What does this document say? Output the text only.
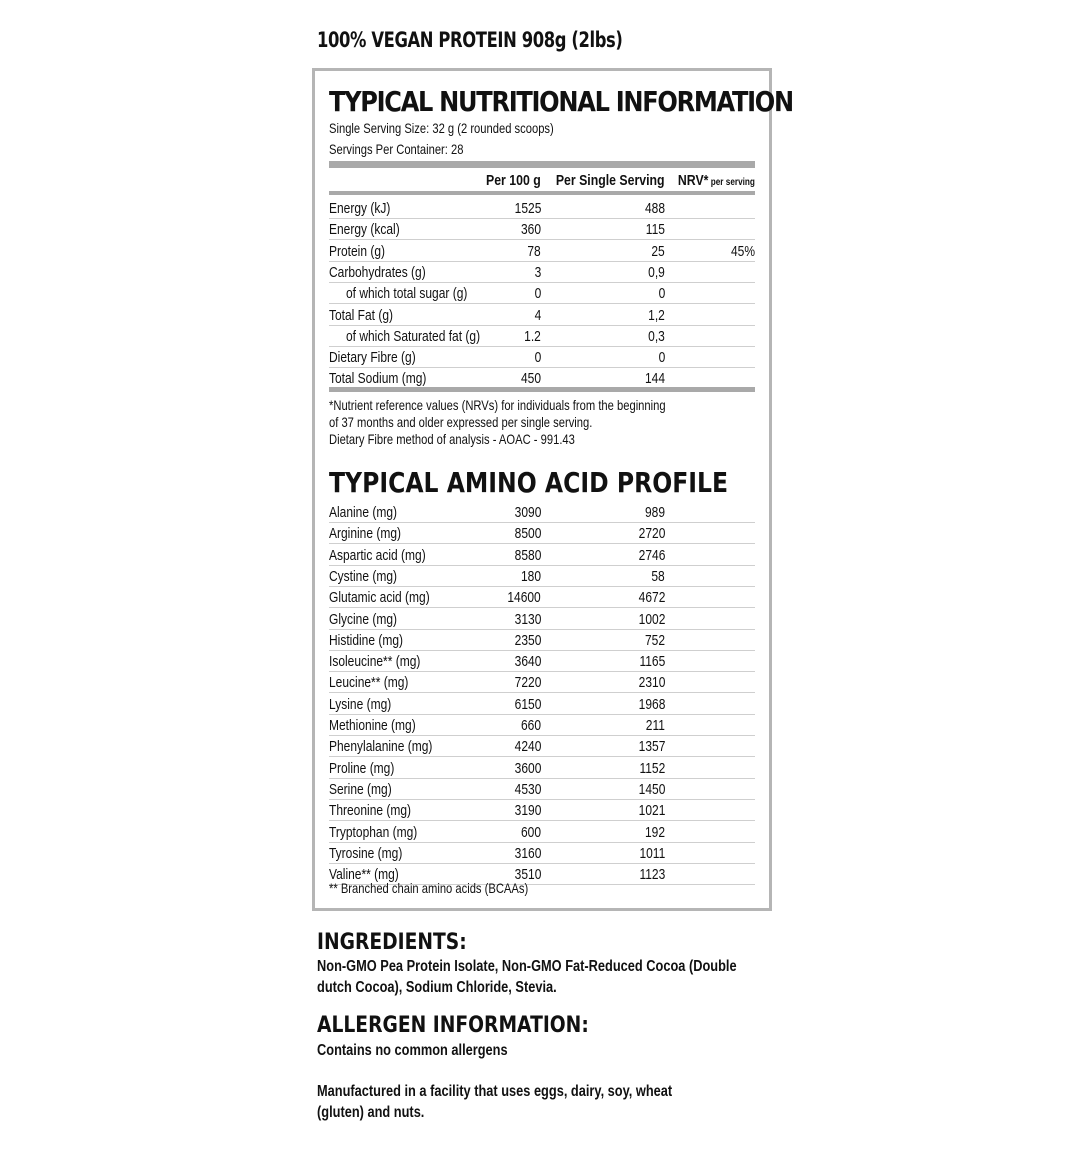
100% VEGAN PROTEIN 908g (2lbs)
TYPICAL NUTRITIONAL INFORMATION
Single Serving Size: 32 g (2 rounded scoops)
Servings Per Container: 28
Per 100 g Per Single Serving NRV* per serving
Energy (kJ)	1525	488
Energy (kcal)	360	115
Protein (g)	78	25	45%
Carbohydrates (g)	3	0,9
of which total sugar (g)	0	0
Total Fat (g)	4	1,2
of which Saturated fat (g)	1.2	0,3
Dietary Fibre (g)	0	0
Total Sodium (mg)	450	144
*Nutrient reference values (NRVs) for individuals from the beginning
of 37 months and older expressed per single serving.
Dietary Fibre method of analysis - AOAC - 991.43
TYPICAL AMINO ACID PROFILE
Alanine (mg)	3090	989
Arginine (mg)	8500	2720
Aspartic acid (mg)	8580	2746
Cystine (mg)	180	58
Glutamic acid (mg)	14600	4672
Glycine (mg)	3130	1002
Histidine (mg)	2350	752
Isoleucine** (mg)	3640	1165
Leucine** (mg)	7220	2310
Lysine (mg)	6150	1968
Methionine (mg)	660	211
Phenylalanine (mg)	4240	1357
Proline (mg)	3600	1152
Serine (mg)	4530	1450
Threonine (mg)	3190	1021
Tryptophan (mg)	600	192
Tyrosine (mg)	3160	1011
Valine** (mg)	3510	1123
** Branched chain amino acids (BCAAs)
INGREDIENTS:
Non-GMO Pea Protein Isolate, Non-GMO Fat-Reduced Cocoa (Double
dutch Cocoa), Sodium Chloride, Stevia.
ALLERGEN INFORMATION:
Contains no common allergens
Manufactured in a facility that uses eggs, dairy, soy, wheat
(gluten) and nuts.
